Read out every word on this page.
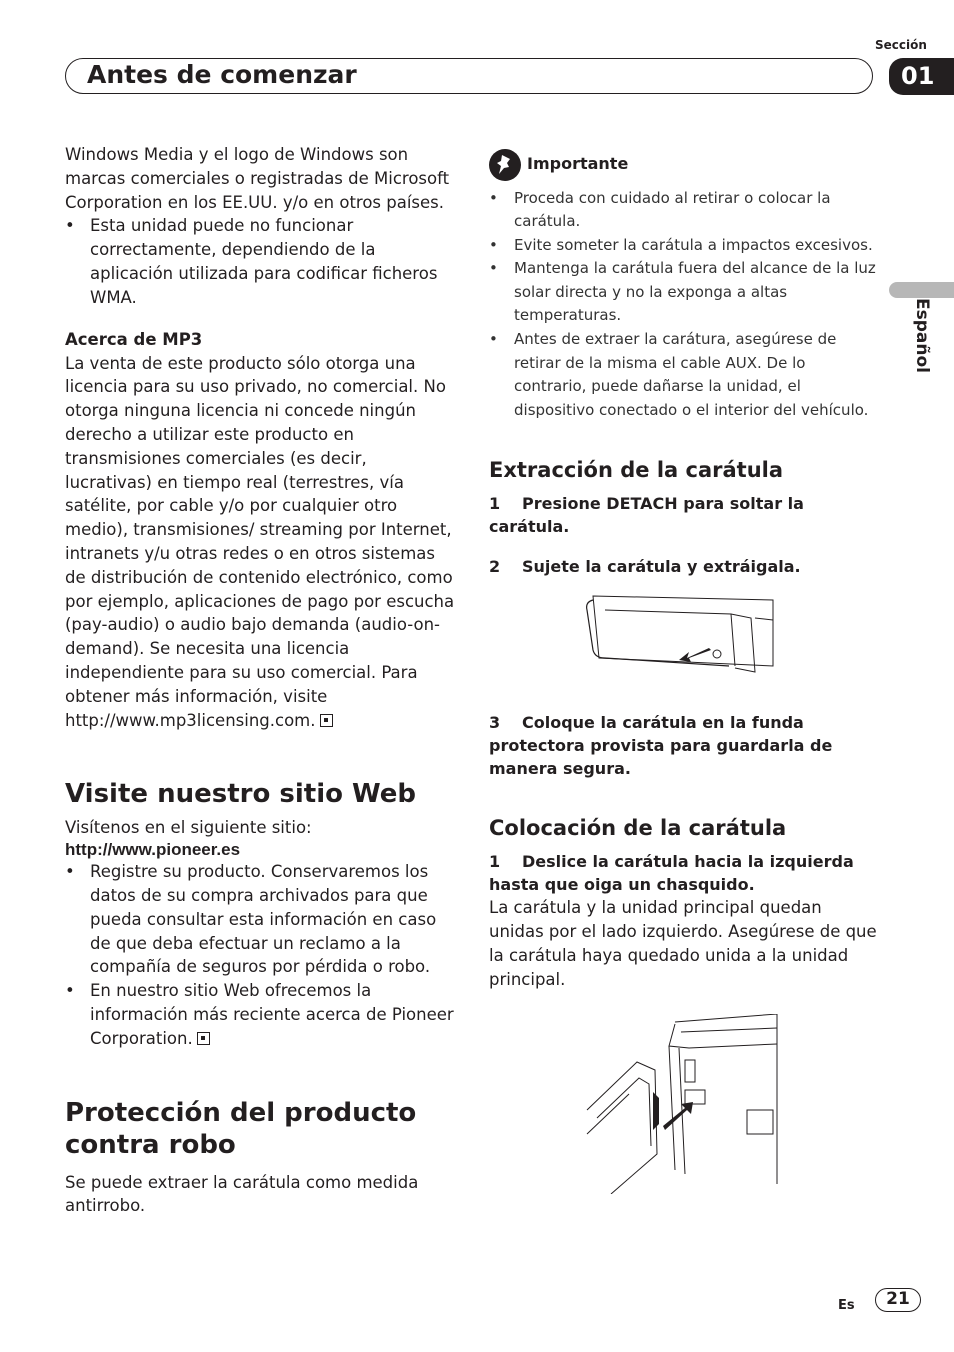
Sección
Antes de comenzar	01
Español

Windows Media y el logo de Windows son marcas comerciales o registradas de Microsoft Corporation en los EE.UU. y/o en otros países.

• Esta unidad puede no funcionar correctamente, dependiendo de la aplicación utilizada para codificar ficheros WMA.

Acerca de MP3

La venta de este producto sólo otorga una licencia para su uso privado, no comercial. No otorga ninguna licencia ni concede ningún derecho a utilizar este producto en transmisiones comerciales (es decir, lucrativas) en tiempo real (terrestres, vía satélite, por cable y/o por cualquier otro medio), transmisiones/ streaming por Internet, intranets y/u otras redes o en otros sistemas de distribución de contenido electrónico, como por ejemplo, aplicaciones de pago por escucha (pay-audio) o audio bajo demanda (audio-on-demand). Se necesita una licencia independiente para su uso comercial. Para obtener más información, visite

http://www.mp3licensing.com.

Visite nuestro sitio Web

Visítenos en el siguiente sitio:

http://www.pioneer.es

• Registre su producto. Conservaremos los datos de su compra archivados para que pueda consultar esta información en caso de que deba efectuar un reclamo a la compañía de seguros por pérdida o robo.

• En nuestro sitio Web ofrecemos la información más reciente acerca de Pioneer Corporation.

Protección del producto contra robo

Se puede extraer la carátula como medida antirrobo.

Importante

• Proceda con cuidado al retirar o colocar la carátula.

• Evite someter la carátula a impactos excesivos.

• Mantenga la carátula fuera del alcance de la luz solar directa y no la exponga a altas temperaturas.

• Antes de extraer la carátura, asegúrese de retirar de la misma el cable AUX. De lo contrario, puede dañarse la unidad, el dispositivo conectado o el interior del vehículo.

Extracción de la carátula

1 Presione DETACH para soltar la carátula.

2 Sujete la carátula y extráigala.

3 Coloque la carátula en la funda protectora provista para guardarla de manera segura.

Colocación de la carátula

1 Deslice la carátula hacia la izquierda hasta que oiga un chasquido.

La carátula y la unidad principal quedan unidas por el lado izquierdo. Asegúrese de que la carátula haya quedado unida a la unidad principal.

Es	21
